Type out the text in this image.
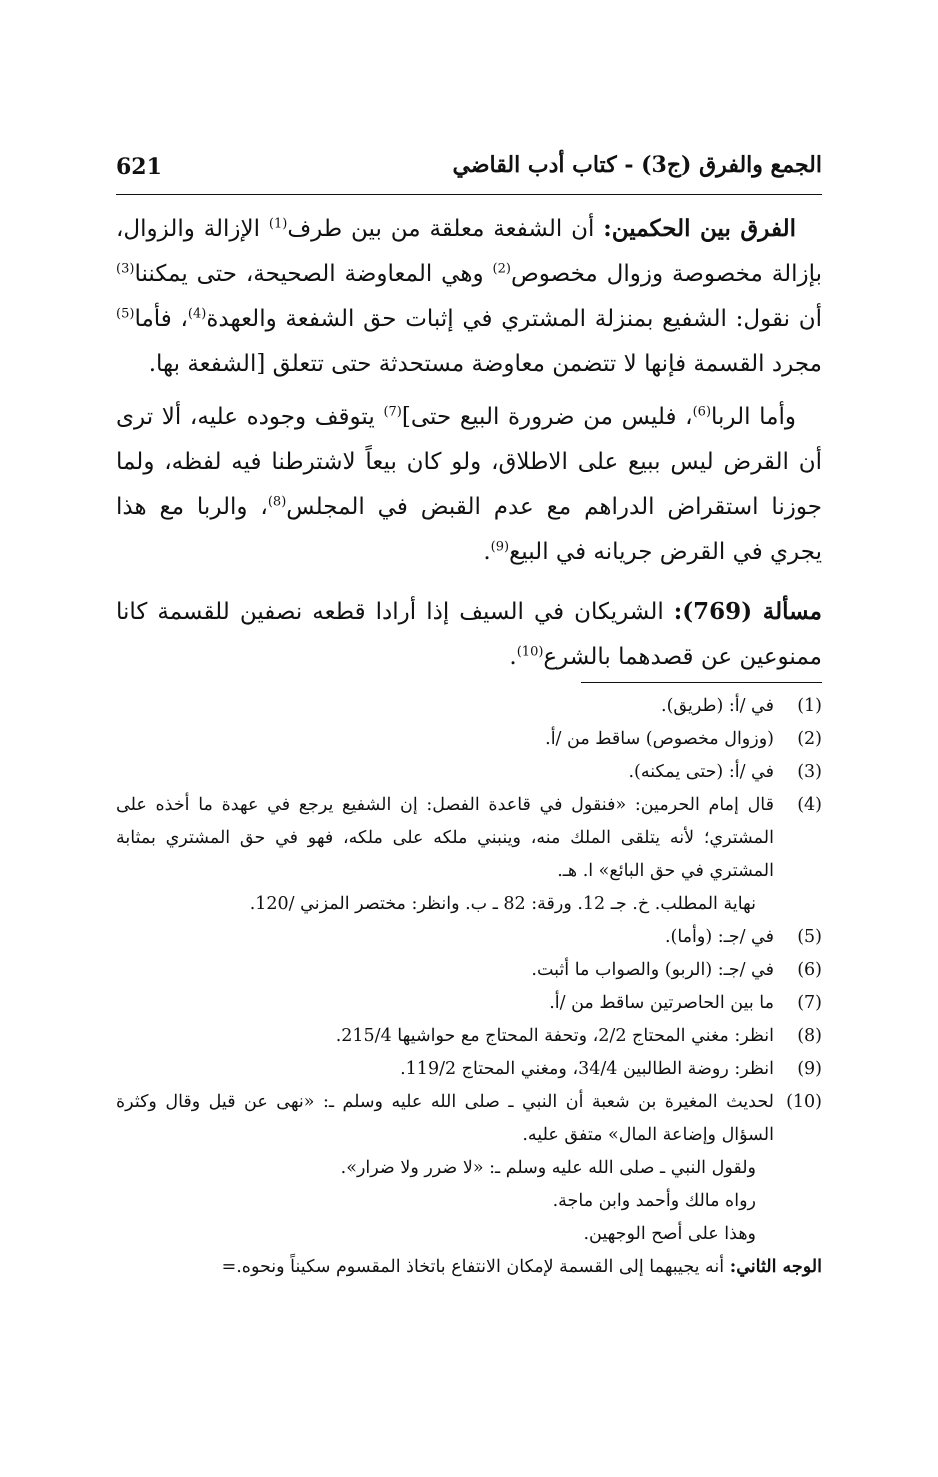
621	الجمع والفرق (ج3) - كتاب أدب القاضي

الفرق بين الحكمين: أن الشفعة معلقة من بين طرف$^{(1)}$ الإزالة والزوال، بإزالة مخصوصة وزوال مخصوص$^{(2)}$ وهي المعاوضة الصحيحة، حتى يمكننا$^{(3)}$ أن نقول: الشفيع بمنزلة المشتري في إثبات حق الشفعة والعهدة$^{(4)}$، فأما$^{(5)}$ مجرد القسمة فإنها لا تتضمن معاوضة مستحدثة حتى تتعلق [الشفعة بها.

وأما الربا$^{(6)}$، فليس من ضرورة البيع حتى]$^{(7)}$ يتوقف وجوده عليه، ألا ترى أن القرض ليس ببيع على الاطلاق، ولو كان بيعاً لاشترطنا فيه لفظه، ولما جوزنا استقراض الدراهم مع عدم القبض في المجلس$^{(8)}$، والربا مع هذا يجري في القرض جريانه في البيع$^{(9)}$.

مسألة (769): الشريكان في السيف إذا أرادا قطعه نصفين للقسمة كانا ممنوعين عن قصدهما بالشرع$^{(10)}$.

(1)
في /أ: (طريق).
(2)
(وزوال مخصوص) ساقط من /أ.
(3)
في /أ: (حتى يمكنه).
(4)
قال إمام الحرمين: «فنقول في قاعدة الفصل: إن الشفيع يرجع في عهدة ما أخذه على المشتري؛ لأنه يتلقى الملك منه، وينبني ملكه على ملكه، فهو في حق المشتري بمثابة المشتري في حق البائع» ا. هـ.
نهاية المطلب. خ. جـ 12. ورقة: 82 ـ ب. وانظر: مختصر المزني /120.
(5)
في /جـ: (وأما).
(6)
في /جـ: (الربو) والصواب ما أثبت.
(7)
ما بين الحاصرتين ساقط من /أ.
(8)
انظر: مغني المحتاج 2/2، وتحفة المحتاج مع حواشيها 215/4.
(9)
انظر: روضة الطالبين 34/4، ومغني المحتاج 119/2.
(10)
لحديث المغيرة بن شعبة أن النبي ـ صلى الله عليه وسلم ـ: «نهى عن قيل وقال وكثرة السؤال وإضاعة المال» متفق عليه.
ولقول النبي ـ صلى الله عليه وسلم ـ: «لا ضرر ولا ضرار».
رواه مالك وأحمد وابن ماجة.
وهذا على أصح الوجهين.
الوجه الثاني: أنه يجيبهما إلى القسمة لإمكان الانتفاع باتخاذ المقسوم سكيناً ونحوه.=
